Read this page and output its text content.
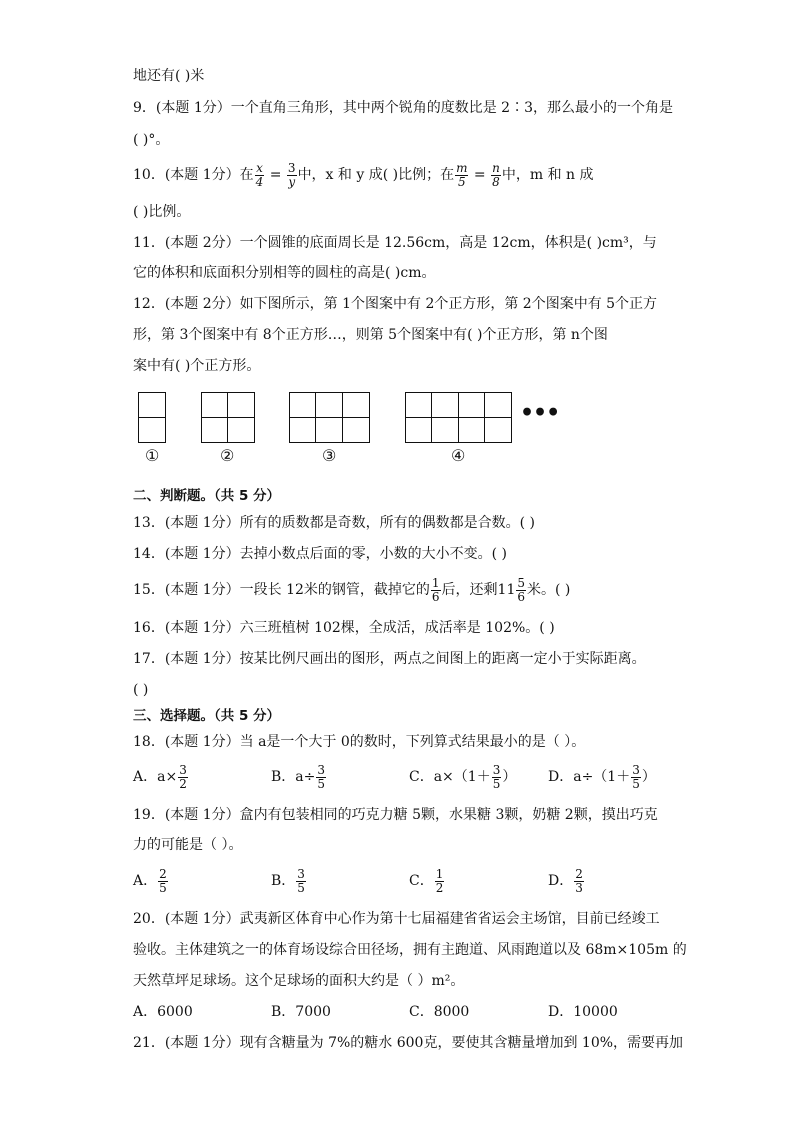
地还有( )米
9．(本题 1分）一个直角三角形，其中两个锐角的度数比是 2∶3，那么最小的一个角是
( )°。
10．(本题 1分）在 $\frac{x}{4} = \frac{3}{y}$ 中，x 和 y 成( )比例；在 $\frac{m}{5} = \frac{n}{8}$ 中，m 和 n 成
( )比例。
11．(本题 2分）一个圆锥的底面周长是 12.56cm，高是 12cm，体积是( )cm³，与
它的体积和底面积分别相等的圆柱的高是( )cm。
12．(本题 2分）如下图所示，第 1个图案中有 2个正方形，第 2个图案中有 5个正方
形，第 3个图案中有 8个正方形…，则第 5个图案中有( )个正方形，第 n个图
案中有( )个正方形。
•••
①	②	③	④
二、判断题。（共 5 分）
13．(本题 1分）所有的质数都是奇数，所有的偶数都是合数。( )
14．(本题 1分）去掉小数点后面的零，小数的大小不变。( )
15．(本题 1分）一段长 12米的钢管，截掉它的 $\frac{1}{6}$ 后，还剩$11 \frac{5}{6}$ 米。( )
16．(本题 1分）六三班植树 102棵，全成活，成活率是 102%。( )
17．(本题 1分）按某比例尺画出的图形，两点之间图上的距离一定小于实际距离。
( )
三、选择题。（共 5 分）
18．(本题 1分）当 a是一个大于 0的数时，下列算式结果最小的是（ ）。
A．$a\times \frac{3}{2}$	B．$a\div \frac{3}{5}$	C．$a\times(1+ \frac{3}{5}$ ） D．$a\div(1+ \frac{3}{5}$ ）
19．(本题 1分）盒内有包装相同的巧克力糖 5颗，水果糖 3颗，奶糖 2颗，摸出巧克
力的可能是（ ）。
A． $\frac{2}{5}$	B． $\frac{3}{5}$	C． $\frac{1}{2}$	D． $\frac{2}{3}$
20．(本题 1分）武夷新区体育中心作为第十七届福建省省运会主场馆，目前已经竣工
验收。主体建筑之一的体育场设综合田径场，拥有主跑道、风雨跑道以及 68m×105m 的
天然草坪足球场。这个足球场的面积大约是（ ）m²。
A．6000	B．7000	C．8000	D．10000
21．(本题 1分）现有含糖量为 7%的糖水 600克，要使其含糖量增加到 10%，需要再加
